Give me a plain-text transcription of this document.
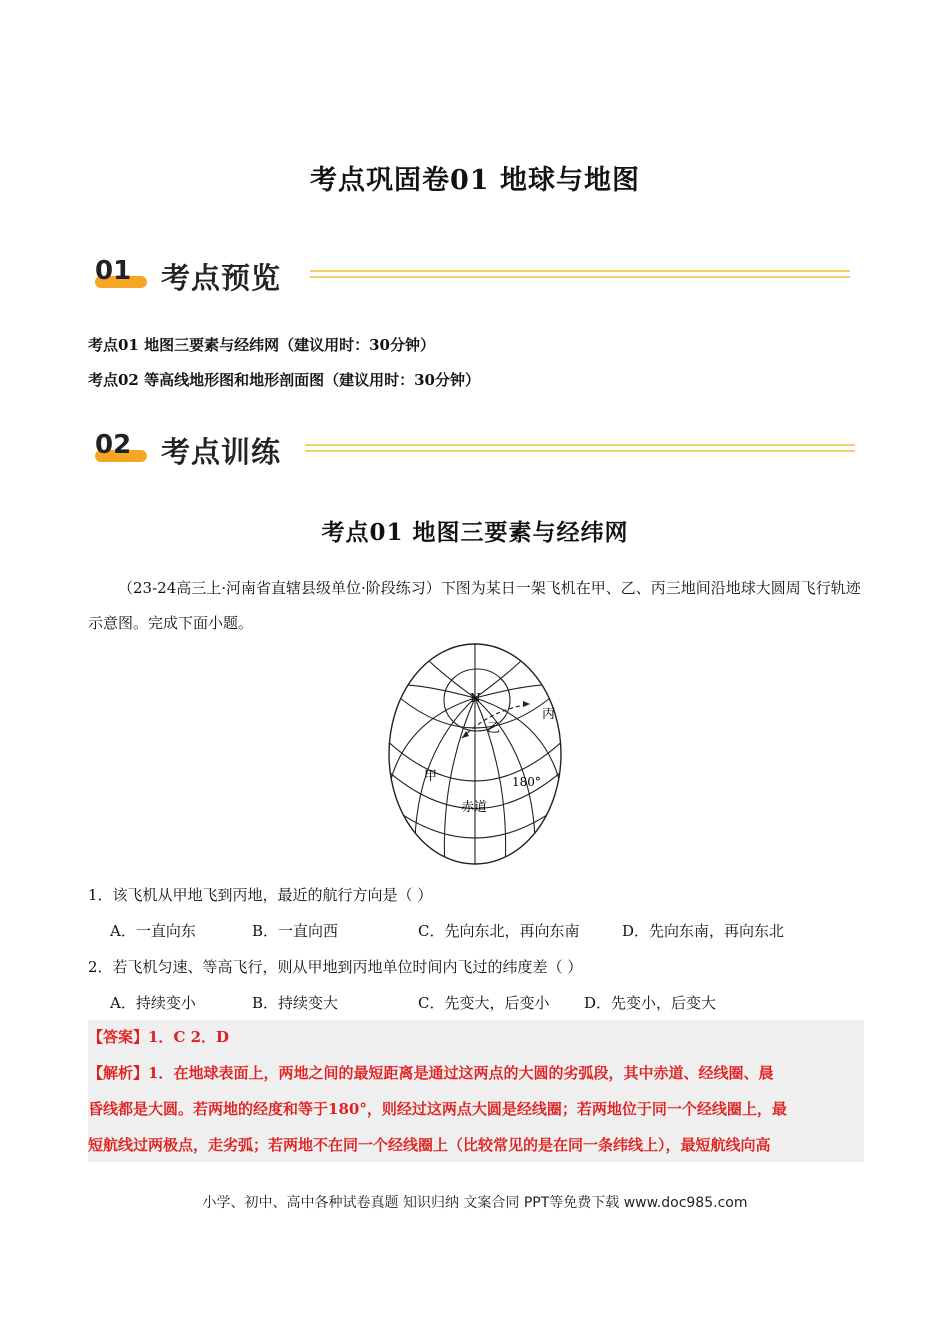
考点巩固卷01 地球与地图
01 考点预览
考点01 地图三要素与经纬网（建议用时：30分钟）
考点02 等高线地形图和地形剖面图（建议用时：30分钟）
02 考点训练
考点01 地图三要素与经纬网
（23-24高三上·河南省直辖县级单位·阶段练习）下图为某日一架飞机在甲、乙、丙三地间沿地球大圆周飞行轨迹示意图。完成下面小题。
N
丙
乙
甲	180°
赤道
1．该飞机从甲地飞到丙地，最近的航行方向是（ ）
A．一直向东	B．一直向西	C．先向东北，再向东南	D．先向东南，再向东北
2．若飞机匀速、等高飞行，则从甲地到丙地单位时间内飞过的纬度差（ ）
A．持续变小	B．持续变大	C．先变大，后变小 D．先变小，后变大
【答案】1．C 2．D
【解析】1．在地球表面上，两地之间的最短距离是通过这两点的大圆的劣弧段，其中赤道、经线圈、晨
昏线都是大圆。若两地的经度和等于180°，则经过这两点大圆是经线圈；若两地位于同一个经线圈上，最
短航线过两极点，走劣弧；若两地不在同一个经线圈上（比较常见的是在同一条纬线上），最短航线向高
小学、初中、高中各种试卷真题 知识归纳 文案合同 PPT等免费下载 www.doc985.com
